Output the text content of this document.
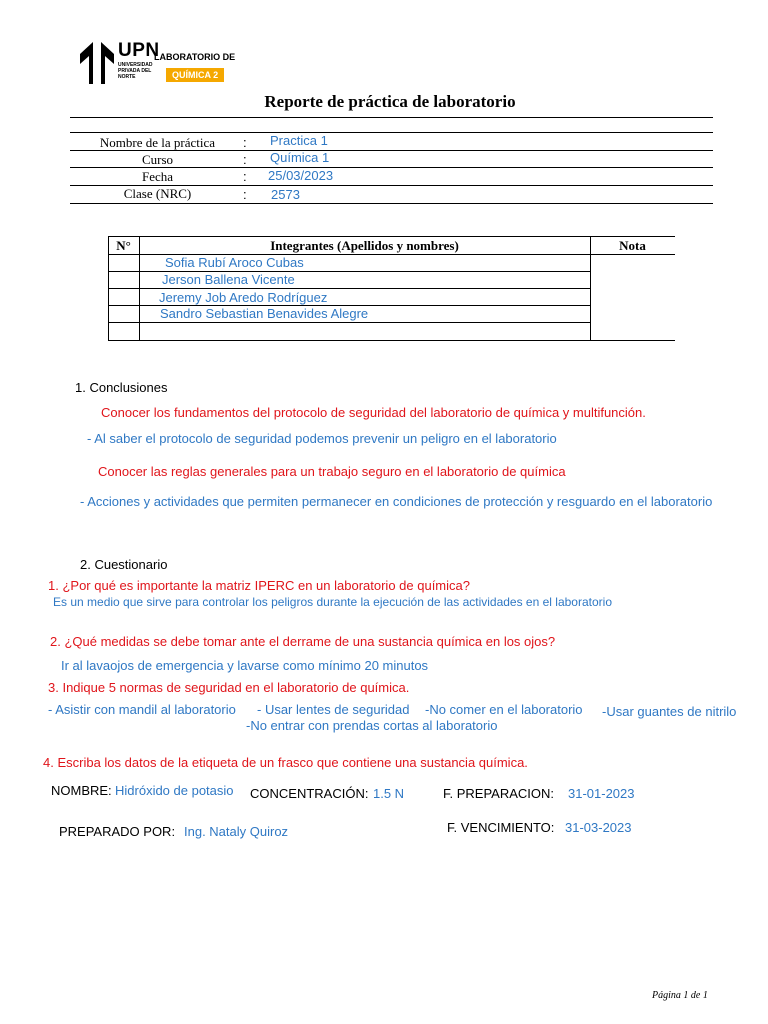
UPN
UNIVERSIDAD PRIVADA DEL NORTE
LABORATORIO DE
QUÍMICA 2
Reporte de práctica de laboratorio
Nombre de la práctica	: Practica 1
Curso	: Química 1
Fecha	: 25/03/2023
Clase (NRC)	: 2573
N°	Integrantes (Apellidos y nombres)	Nota
Sofia Rubí Aroco Cubas
Jerson Ballena Vicente
Jeremy Job Aredo Rodríguez
Sandro Sebastian Benavides Alegre
1. Conclusiones
Conocer los fundamentos del protocolo de seguridad del laboratorio de química y multifunción.
- Al saber el protocolo de seguridad podemos prevenir un peligro en el laboratorio
Conocer las reglas generales para un trabajo seguro en el laboratorio de química
- Acciones y actividades que permiten permanecer en condiciones de protección y resguardo en el laboratorio
2. Cuestionario
1. ¿Por qué es importante la matriz IPERC en un laboratorio de química?
Es un medio que sirve para controlar los peligros durante la ejecución de las actividades en el laboratorio
2. ¿Qué medidas se debe tomar ante el derrame de una sustancia química en los ojos?
Ir al lavaojos de emergencia y lavarse como mínimo 20 minutos
3. Indique 5 normas de seguridad en el laboratorio de química.
- Asistir con mandil al laboratorio - Usar lentes de seguridad -No comer en el laboratorio -Usar guantes de nitrilo
-No entrar con prendas cortas al laboratorio
4. Escriba los datos de la etiqueta de un frasco que contiene una sustancia química.
NOMBRE: Hidróxido de potasio CONCENTRACIÓN: 1.5 N	F. PREPARACION: 31-01-2023
PREPARADO POR: Ing. Nataly Quiroz	F. VENCIMIENTO: 31-03-2023
Página 1 de 1
